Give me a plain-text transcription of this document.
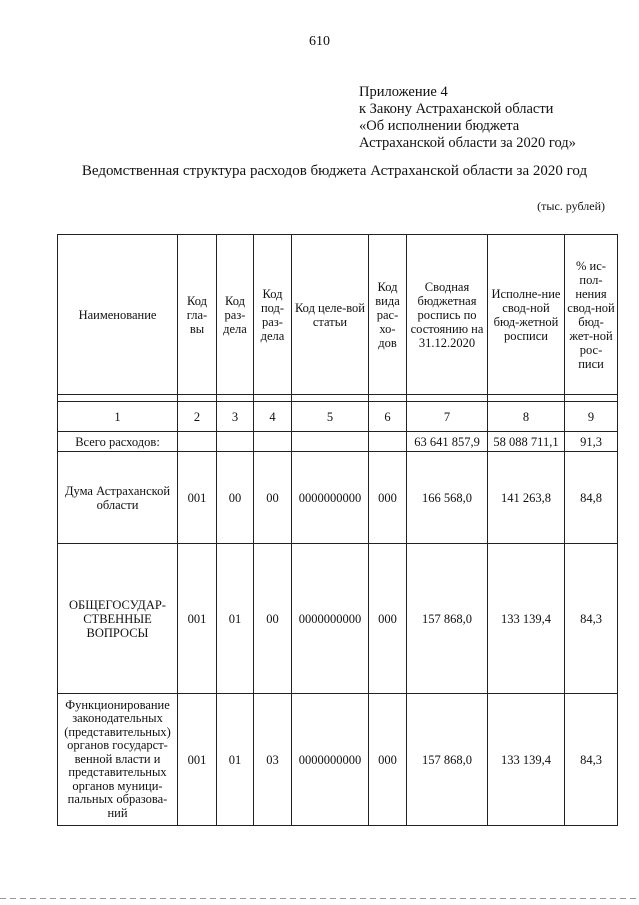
610
Приложение 4
к Закону Астраханской области
«Об исполнении бюджета
Астраханской области за 2020 год»
Ведомственная структура расходов бюджета Астраханской области за 2020 год
(тыс. рублей)
Наименование	Код гла-вы	Код раз-дела	Код под-раз-дела	Код целе-вой статьи	Код вида рас-хо-дов	Сводная бюджетная роспись по состоянию на 31.12.2020	Исполне-ние свод-ной бюд-жетной росписи	% ис-пол-нения свод-ной бюд-жет-ной рос-писи

1	2	3	4	5	6	7	8	9
Всего расходов:						63 641 857,9	58 088 711,1	91,3
Дума Астраханской области	001	00	00	0000000000	000	166 568,0	141 263,8	84,8
ОБЩЕГОСУДАР-СТВЕННЫЕ ВОПРОСЫ	001	01	00	0000000000	000	157 868,0	133 139,4	84,3
Функционирование законодательных (представительных) органов государст-венной власти и представительных органов муници-пальных образова-ний	001	01	03	0000000000	000	157 868,0	133 139,4	84,3
